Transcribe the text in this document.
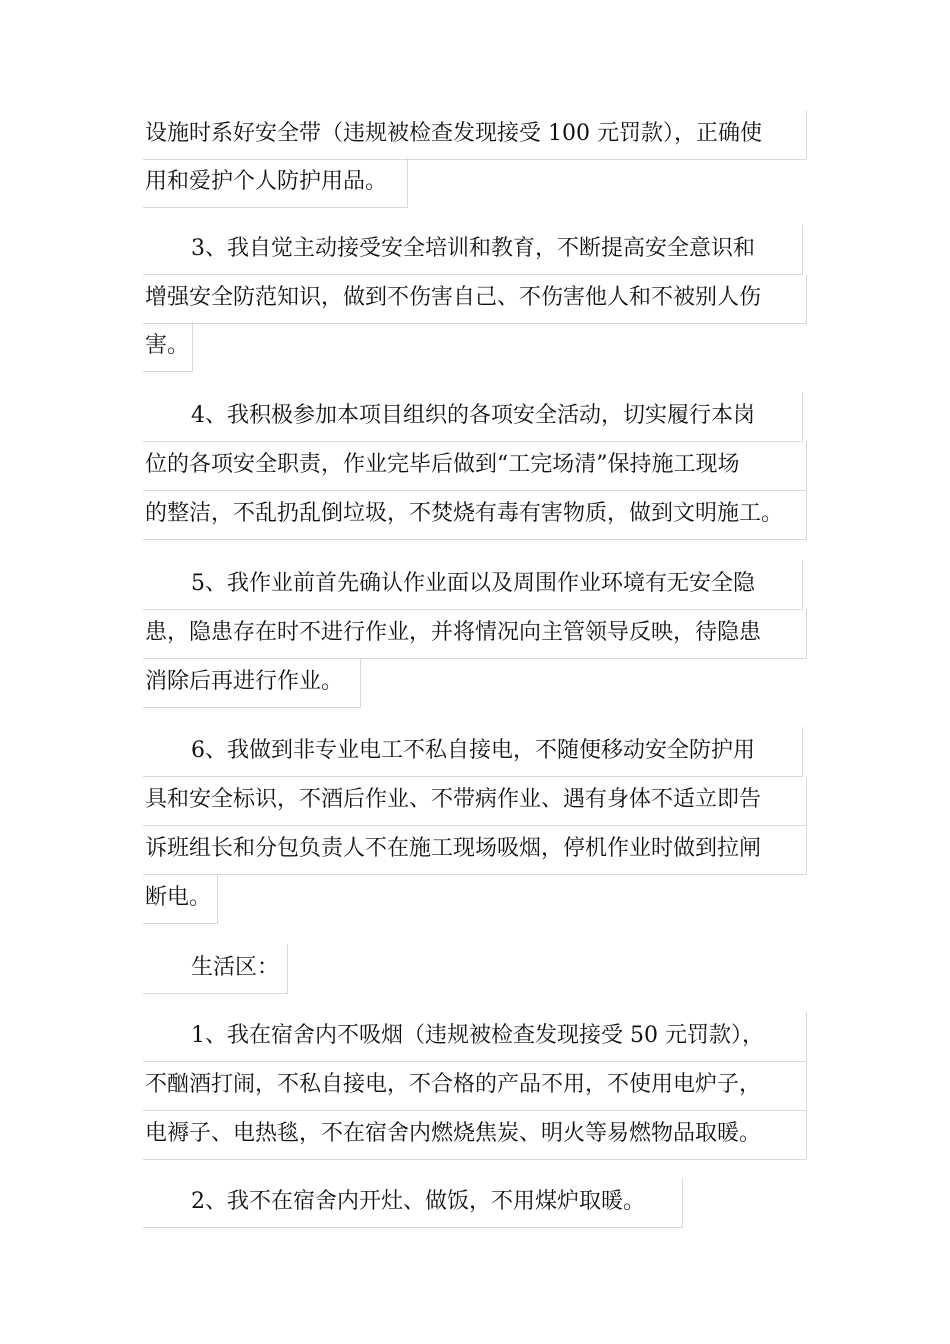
设施时系好安全带（违规被检查发现接受 100 元罚款），正确使
用和爱护个人防护用品。
3、我自觉主动接受安全培训和教育，不断提高安全意识和
增强安全防范知识，做到不伤害自己、不伤害他人和不被别人伤
害。
4、我积极参加本项目组织的各项安全活动，切实履行本岗
位的各项安全职责，作业完毕后做到“工完场清”保持施工现场
的整洁，不乱扔乱倒垃圾，不焚烧有毒有害物质，做到文明施工。
5、我作业前首先确认作业面以及周围作业环境有无安全隐
患，隐患存在时不进行作业，并将情况向主管领导反映，待隐患
消除后再进行作业。
6、我做到非专业电工不私自接电，不随便移动安全防护用
具和安全标识，不酒后作业、不带病作业、遇有身体不适立即告
诉班组长和分包负责人不在施工现场吸烟，停机作业时做到拉闸
断电。
生活区：
1、我在宿舍内不吸烟（违规被检查发现接受 50 元罚款），
不酗酒打闹，不私自接电，不合格的产品不用，不使用电炉子，
电褥子、电热毯，不在宿舍内燃烧焦炭、明火等易燃物品取暖。
2、我不在宿舍内开灶、做饭，不用煤炉取暖。
